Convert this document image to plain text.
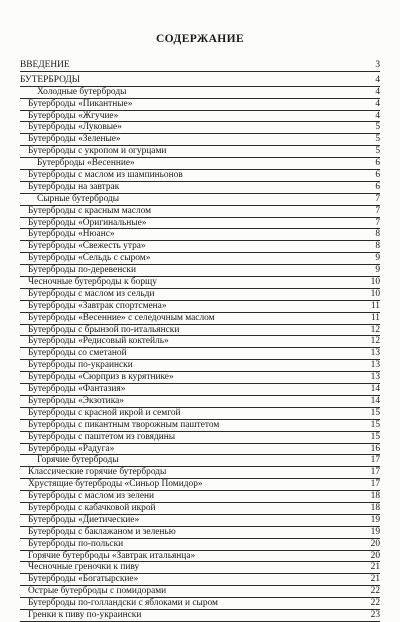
СОДЕРЖАНИЕ
ВВЕДЕНИЕ	3
БУТЕРБРОДЫ	4
Холодные бутерброды	4
Бутерброды «Пикантные»	4
Бутерброды «Жгучие»	4
Бутерброды «Луковые»	5
Бутерброды «Зеленые»	5
Бутерброды с укропом и огурцами	5
Бутерброды «Весенние»	6
Бутерброды с маслом из шампиньонов	6
Бутерброды на завтрак	6
Сырные бутерброды	7
Бутерброды с красным маслом	7
Бутерброды «Оригинальные»	7
Бутерброды «Нюанс»	8
Бутерброды «Свежесть утра»	8
Бутерброды «Сельдь с сыром»	9
Бутерброды по-деревенски	9
Чесночные бутерброды к борщу	10
Бутерброды с маслом из сельди	10
Бутерброды «Завтрак спортсмена»	11
Бутерброды «Весенние» с селедочным маслом	11
Бутерброды с брынзой по-итальянски	12
Бутерброды «Редисовый коктейль»	12
Бутерброды со сметаной	13
Бутерброды по-украински	13
Бутерброды «Сюрприз в курятнике»	13
Бутерброды «Фантазия»	14
Бутерброды «Экзотика»	14
Бутерброды с красной икрой и семгой	15
Бутерброды с пикантным творожным паштетом	15
Бутерброды с паштетом из говядины	15
Бутерброды «Радуга»	16
Горячие бутерброды	17
Классические горячие бутерброды	17
Хрустящие бутерброды «Синьор Помидор»	17
Бутерброды с маслом из зелени	18
Бутерброды с кабачковой икрой	18
Бутерброды «Диетические»	19
Бутерброды с баклажаном и зеленью	19
Бутерброды по-польски	20
Горячие бутерброды «Завтрак итальянца»	20
Чесночные греночки к пиву	21
Бутерброды «Богатырские»	21
Острые бутерброды с помидорами	22
Бутерброды по-голландски с яблоками и сыром	22
Гренки к пиву по-украински	23
